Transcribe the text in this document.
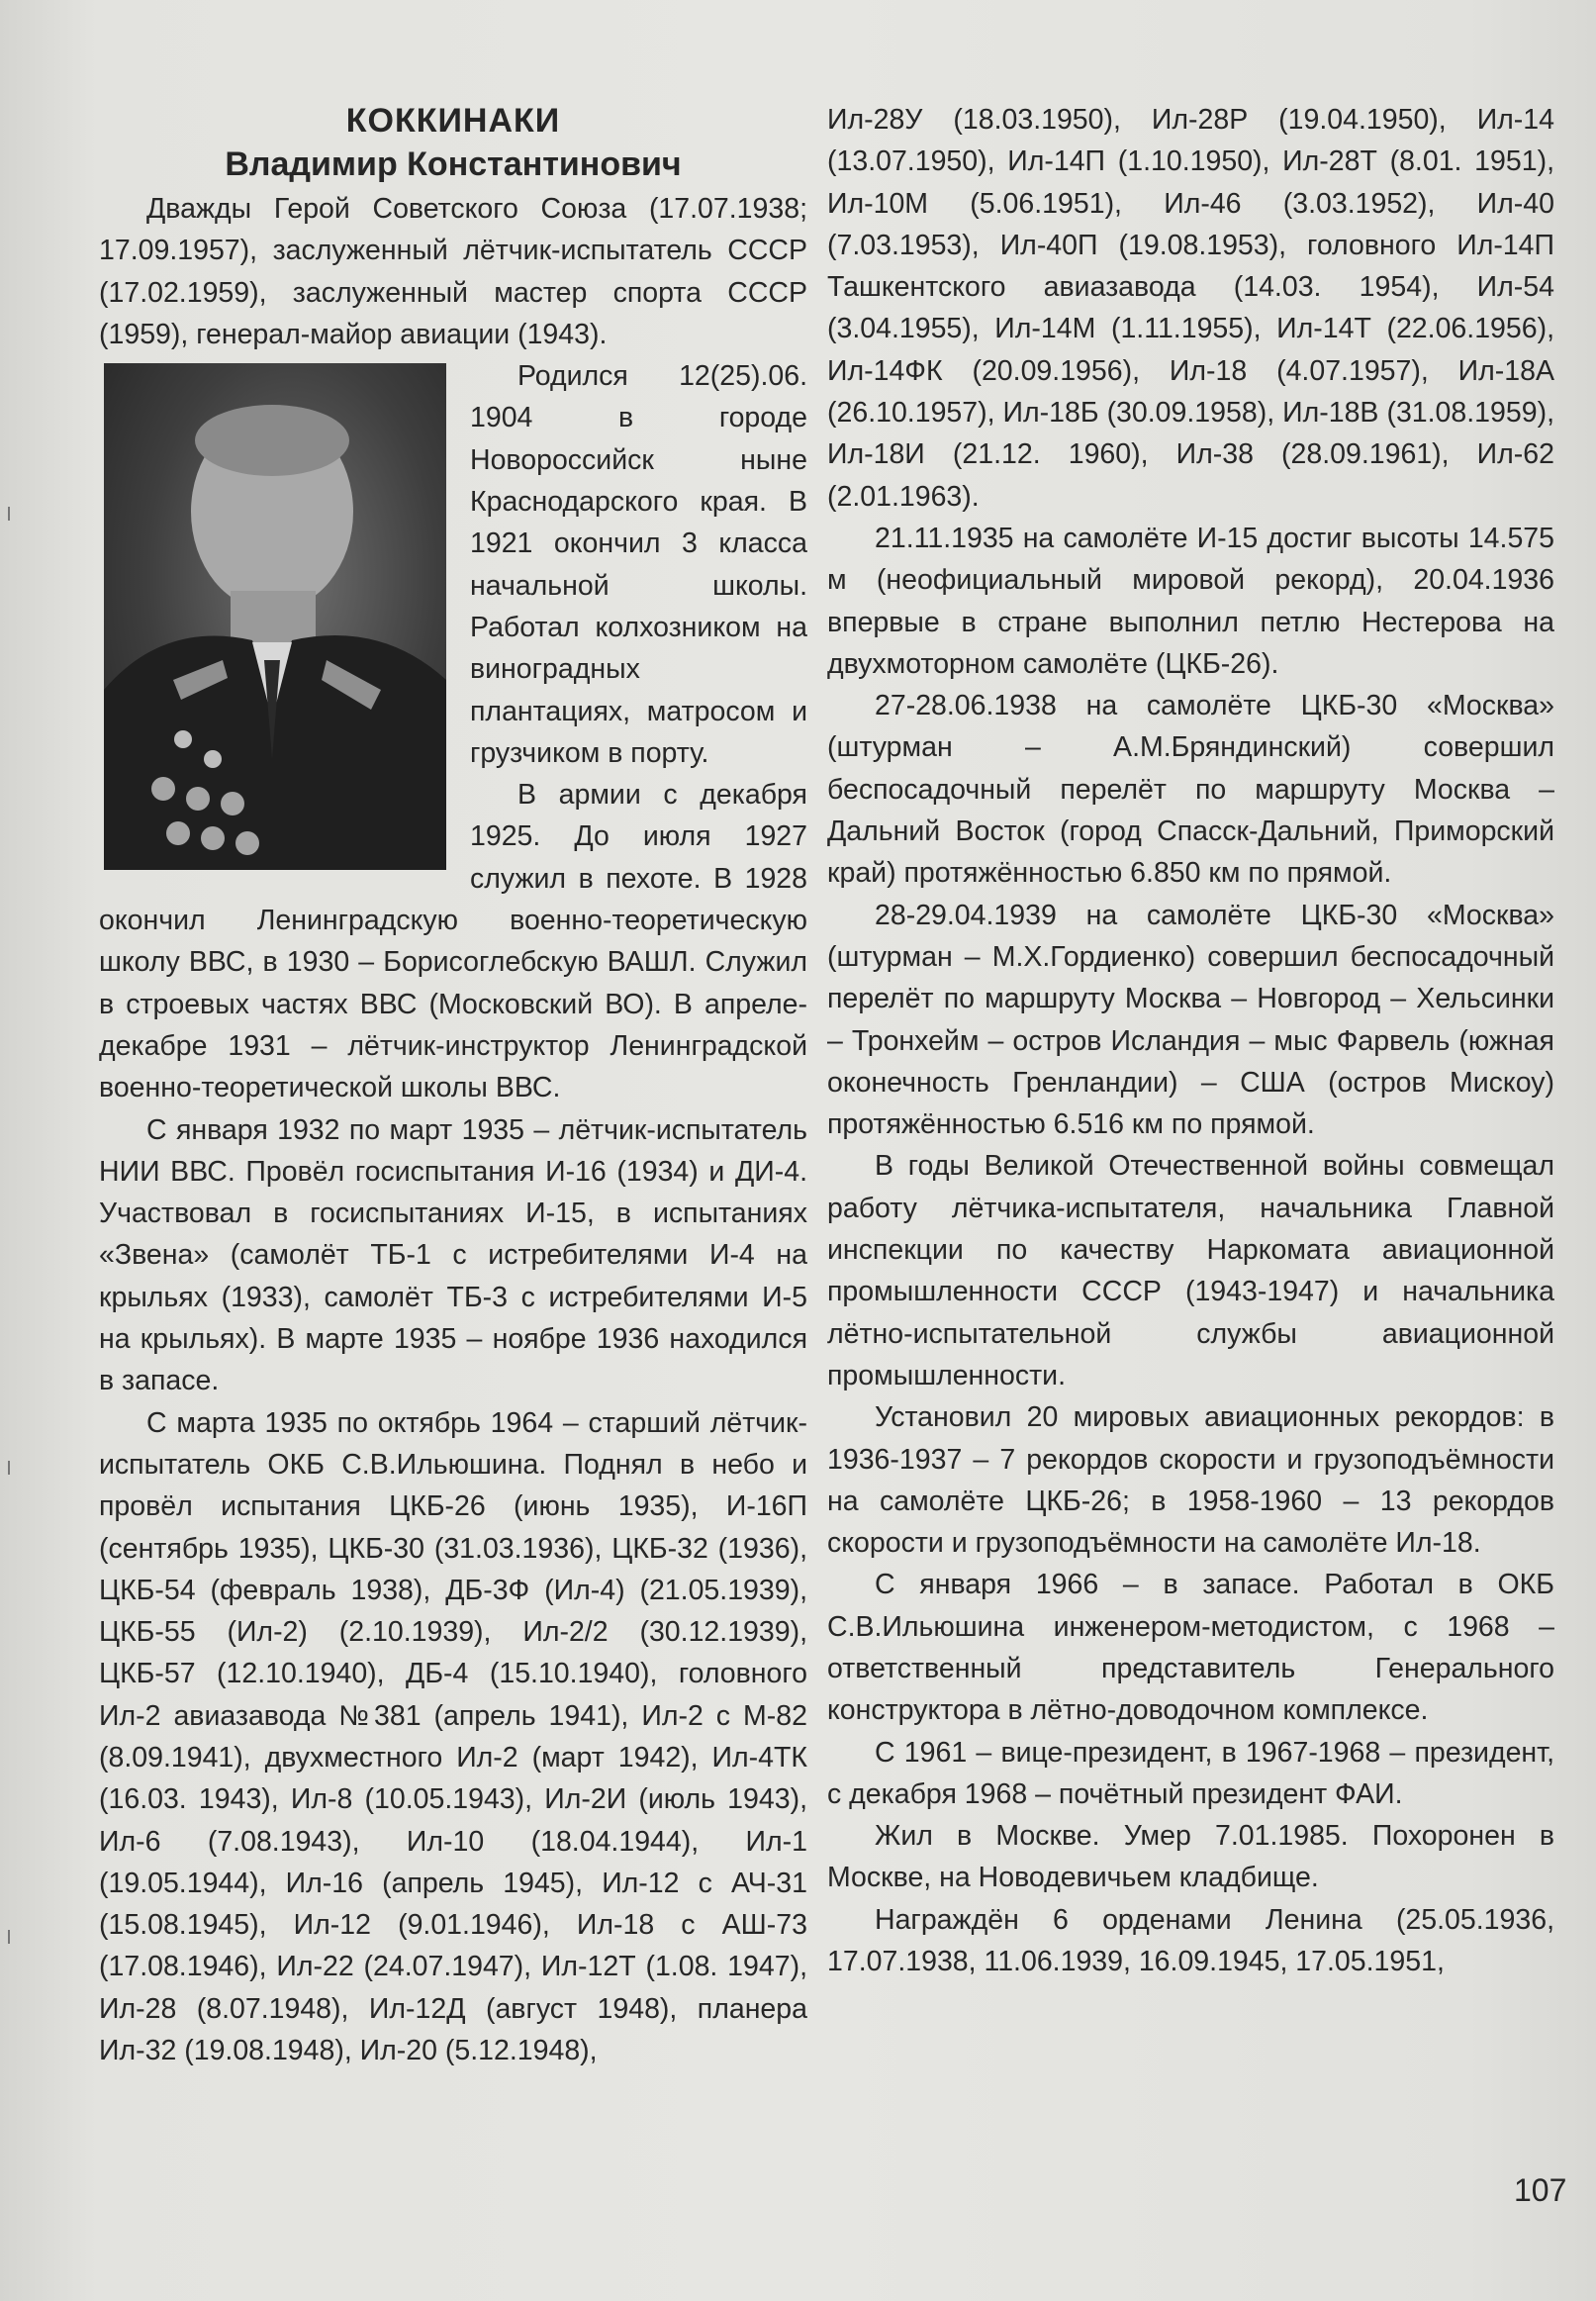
КОККИНАКИ
Владимир Константинович

Дважды Герой Советского Союза (17.07.1938; 17.09.1957), заслуженный лётчик-испытатель СССР (17.02.1959), заслуженный мастер спорта СССР (1959), генерал-майор авиации (1943).

Родился 12(25).06. 1904 в городе Новороссийск ныне Краснодарского края. В 1921 окончил 3 класса начальной школы. Работал колхозником на виноградных плантациях, матросом и грузчиком в порту.

В армии с декабря 1925. До июля 1927 служил в пехоте. В 1928 окончил Ленинградскую военно-теоретическую школу ВВС, в 1930 – Борисоглебскую ВАШЛ. Служил в строевых частях ВВС (Московский ВО). В апреле-декабре 1931 – лётчик-инструктор Ленинградской военно-теоретической школы ВВС.

С января 1932 по март 1935 – лётчик-испытатель НИИ ВВС. Провёл госиспытания И-16 (1934) и ДИ-4. Участвовал в госиспытаниях И-15, в испытаниях «Звена» (самолёт ТБ-1 с истребителями И-4 на крыльях (1933), самолёт ТБ-3 с истребителями И-5 на крыльях). В марте 1935 – ноябре 1936 находился в запасе.

С марта 1935 по октябрь 1964 – старший лётчик-испытатель ОКБ С.В.Ильюшина. Поднял в небо и провёл испытания ЦКБ-26 (июнь 1935), И-16П (сентябрь 1935), ЦКБ-30 (31.03.1936), ЦКБ-32 (1936), ЦКБ-54 (февраль 1938), ДБ-3Ф (Ил-4) (21.05.1939), ЦКБ-55 (Ил-2) (2.10.1939), Ил-2/2 (30.12.1939), ЦКБ-57 (12.10.1940), ДБ-4 (15.10.1940), головного Ил-2 авиазавода №381 (апрель 1941), Ил-2 с М-82 (8.09.1941), двухместного Ил-2 (март 1942), Ил-4ТК (16.03. 1943), Ил-8 (10.05.1943), Ил-2И (июль 1943), Ил-6 (7.08.1943), Ил-10 (18.04.1944), Ил-1 (19.05.1944), Ил-16 (апрель 1945), Ил-12 с АЧ-31 (15.08.1945), Ил-12 (9.01.1946), Ил-18 с АШ-73 (17.08.1946), Ил-22 (24.07.1947), Ил-12Т (1.08. 1947), Ил-28 (8.07.1948), Ил-12Д (август 1948), планера Ил-32 (19.08.1948), Ил-20 (5.12.1948),

Ил-28У (18.03.1950), Ил-28Р (19.04.1950), Ил-14 (13.07.1950), Ил-14П (1.10.1950), Ил-28Т (8.01. 1951), Ил-10М (5.06.1951), Ил-46 (3.03.1952), Ил-40 (7.03.1953), Ил-40П (19.08.1953), головного Ил-14П Ташкентского авиазавода (14.03. 1954), Ил-54 (3.04.1955), Ил-14М (1.11.1955), Ил-14Т (22.06.1956), Ил-14ФК (20.09.1956), Ил-18 (4.07.1957), Ил-18А (26.10.1957), Ил-18Б (30.09.1958), Ил-18В (31.08.1959), Ил-18И (21.12. 1960), Ил-38 (28.09.1961), Ил-62 (2.01.1963).

21.11.1935 на самолёте И-15 достиг высоты 14.575 м (неофициальный мировой рекорд), 20.04.1936 впервые в стране выполнил петлю Нестерова на двухмоторном самолёте (ЦКБ-26).

27-28.06.1938 на самолёте ЦКБ-30 «Москва» (штурман – А.М.Бряндинский) совершил беспосадочный перелёт по маршруту Москва – Дальний Восток (город Спасск-Дальний, Приморский край) протяжённостью 6.850 км по прямой.

28-29.04.1939 на самолёте ЦКБ-30 «Москва» (штурман – М.Х.Гордиенко) совершил беспосадочный перелёт по маршруту Москва – Новгород – Хельсинки – Тронхейм – остров Исландия – мыс Фарвель (южная оконечность Гренландии) – США (остров Мискоу) протяжённостью 6.516 км по прямой.

В годы Великой Отечественной войны совмещал работу лётчика-испытателя, начальника Главной инспекции по качеству Наркомата авиационной промышленности СССР (1943-1947) и начальника лётно-испытательной службы авиационной промышленности.

Установил 20 мировых авиационных рекордов: в 1936-1937 – 7 рекордов скорости и грузоподъёмности на самолёте ЦКБ-26; в 1958-1960 – 13 рекордов скорости и грузоподъёмности на самолёте Ил-18.

С января 1966 – в запасе. Работал в ОКБ С.В.Ильюшина инженером-методистом, с 1968 – ответственный представитель Генерального конструктора в лётно-доводочном комплексе.

С 1961 – вице-президент, в 1967-1968 – президент, с декабря 1968 – почётный президент ФАИ.

Жил в Москве. Умер 7.01.1985. Похоронен в Москве, на Новодевичьем кладбище.

Награждён 6 орденами Ленина (25.05.1936, 17.07.1938, 11.06.1939, 16.09.1945, 17.05.1951,

107
